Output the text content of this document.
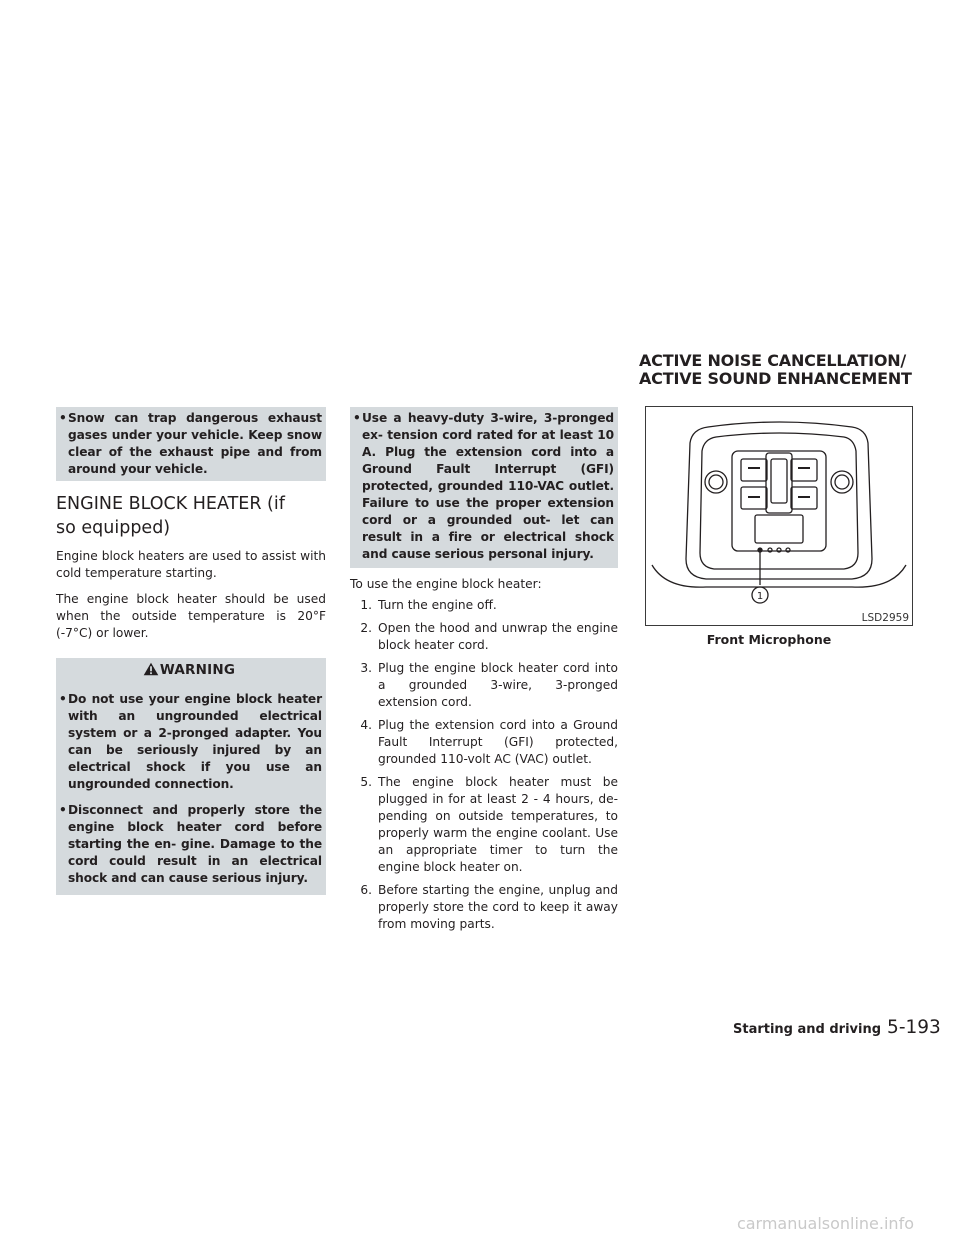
• Snow can trap dangerous exhaust gases under your vehicle. Keep snow clear of the exhaust pipe and from around your vehicle.
ENGINE BLOCK HEATER (if so equipped)

Engine block heaters are used to assist with cold temperature starting.

The engine block heater should be used when the outside temperature is 20°F (-7°C) or lower.

WARNING
• Do not use your engine block heater with an ungrounded electrical system or a 2-pronged adapter. You can be seriously injured by an electrical shock if you use an ungrounded connection.
• Disconnect and properly store the engine block heater cord before starting the en- gine. Damage to the cord could result in an electrical shock and can cause serious injury.
• Use a heavy-duty 3-wire, 3-pronged ex- tension cord rated for at least 10 A. Plug the extension cord into a Ground Fault Interrupt (GFI) protected, grounded 110-VAC outlet. Failure to use the proper extension cord or a grounded out- let can result in a fire or electrical shock and cause serious personal injury.

To use the engine block heater:

1. Turn the engine off.
2. Open the hood and unwrap the engine block heater cord.
3. Plug the engine block heater cord into a grounded 3-wire, 3-pronged extension cord.
4. Plug the extension cord into a Ground Fault Interrupt (GFI) protected, grounded 110-volt AC (VAC) outlet.
5. The engine block heater must be plugged in for at least 2 - 4 hours, de- pending on outside temperatures, to properly warm the engine coolant. Use an appropriate timer to turn the engine block heater on.
6. Before starting the engine, unplug and properly store the cord to keep it away from moving parts.
ACTIVE NOISE CANCELLATION/
ACTIVE SOUND ENHANCEMENT
1
LSD2959
Front Microphone
Starting and driving 5-193
carmanualsonline.info
